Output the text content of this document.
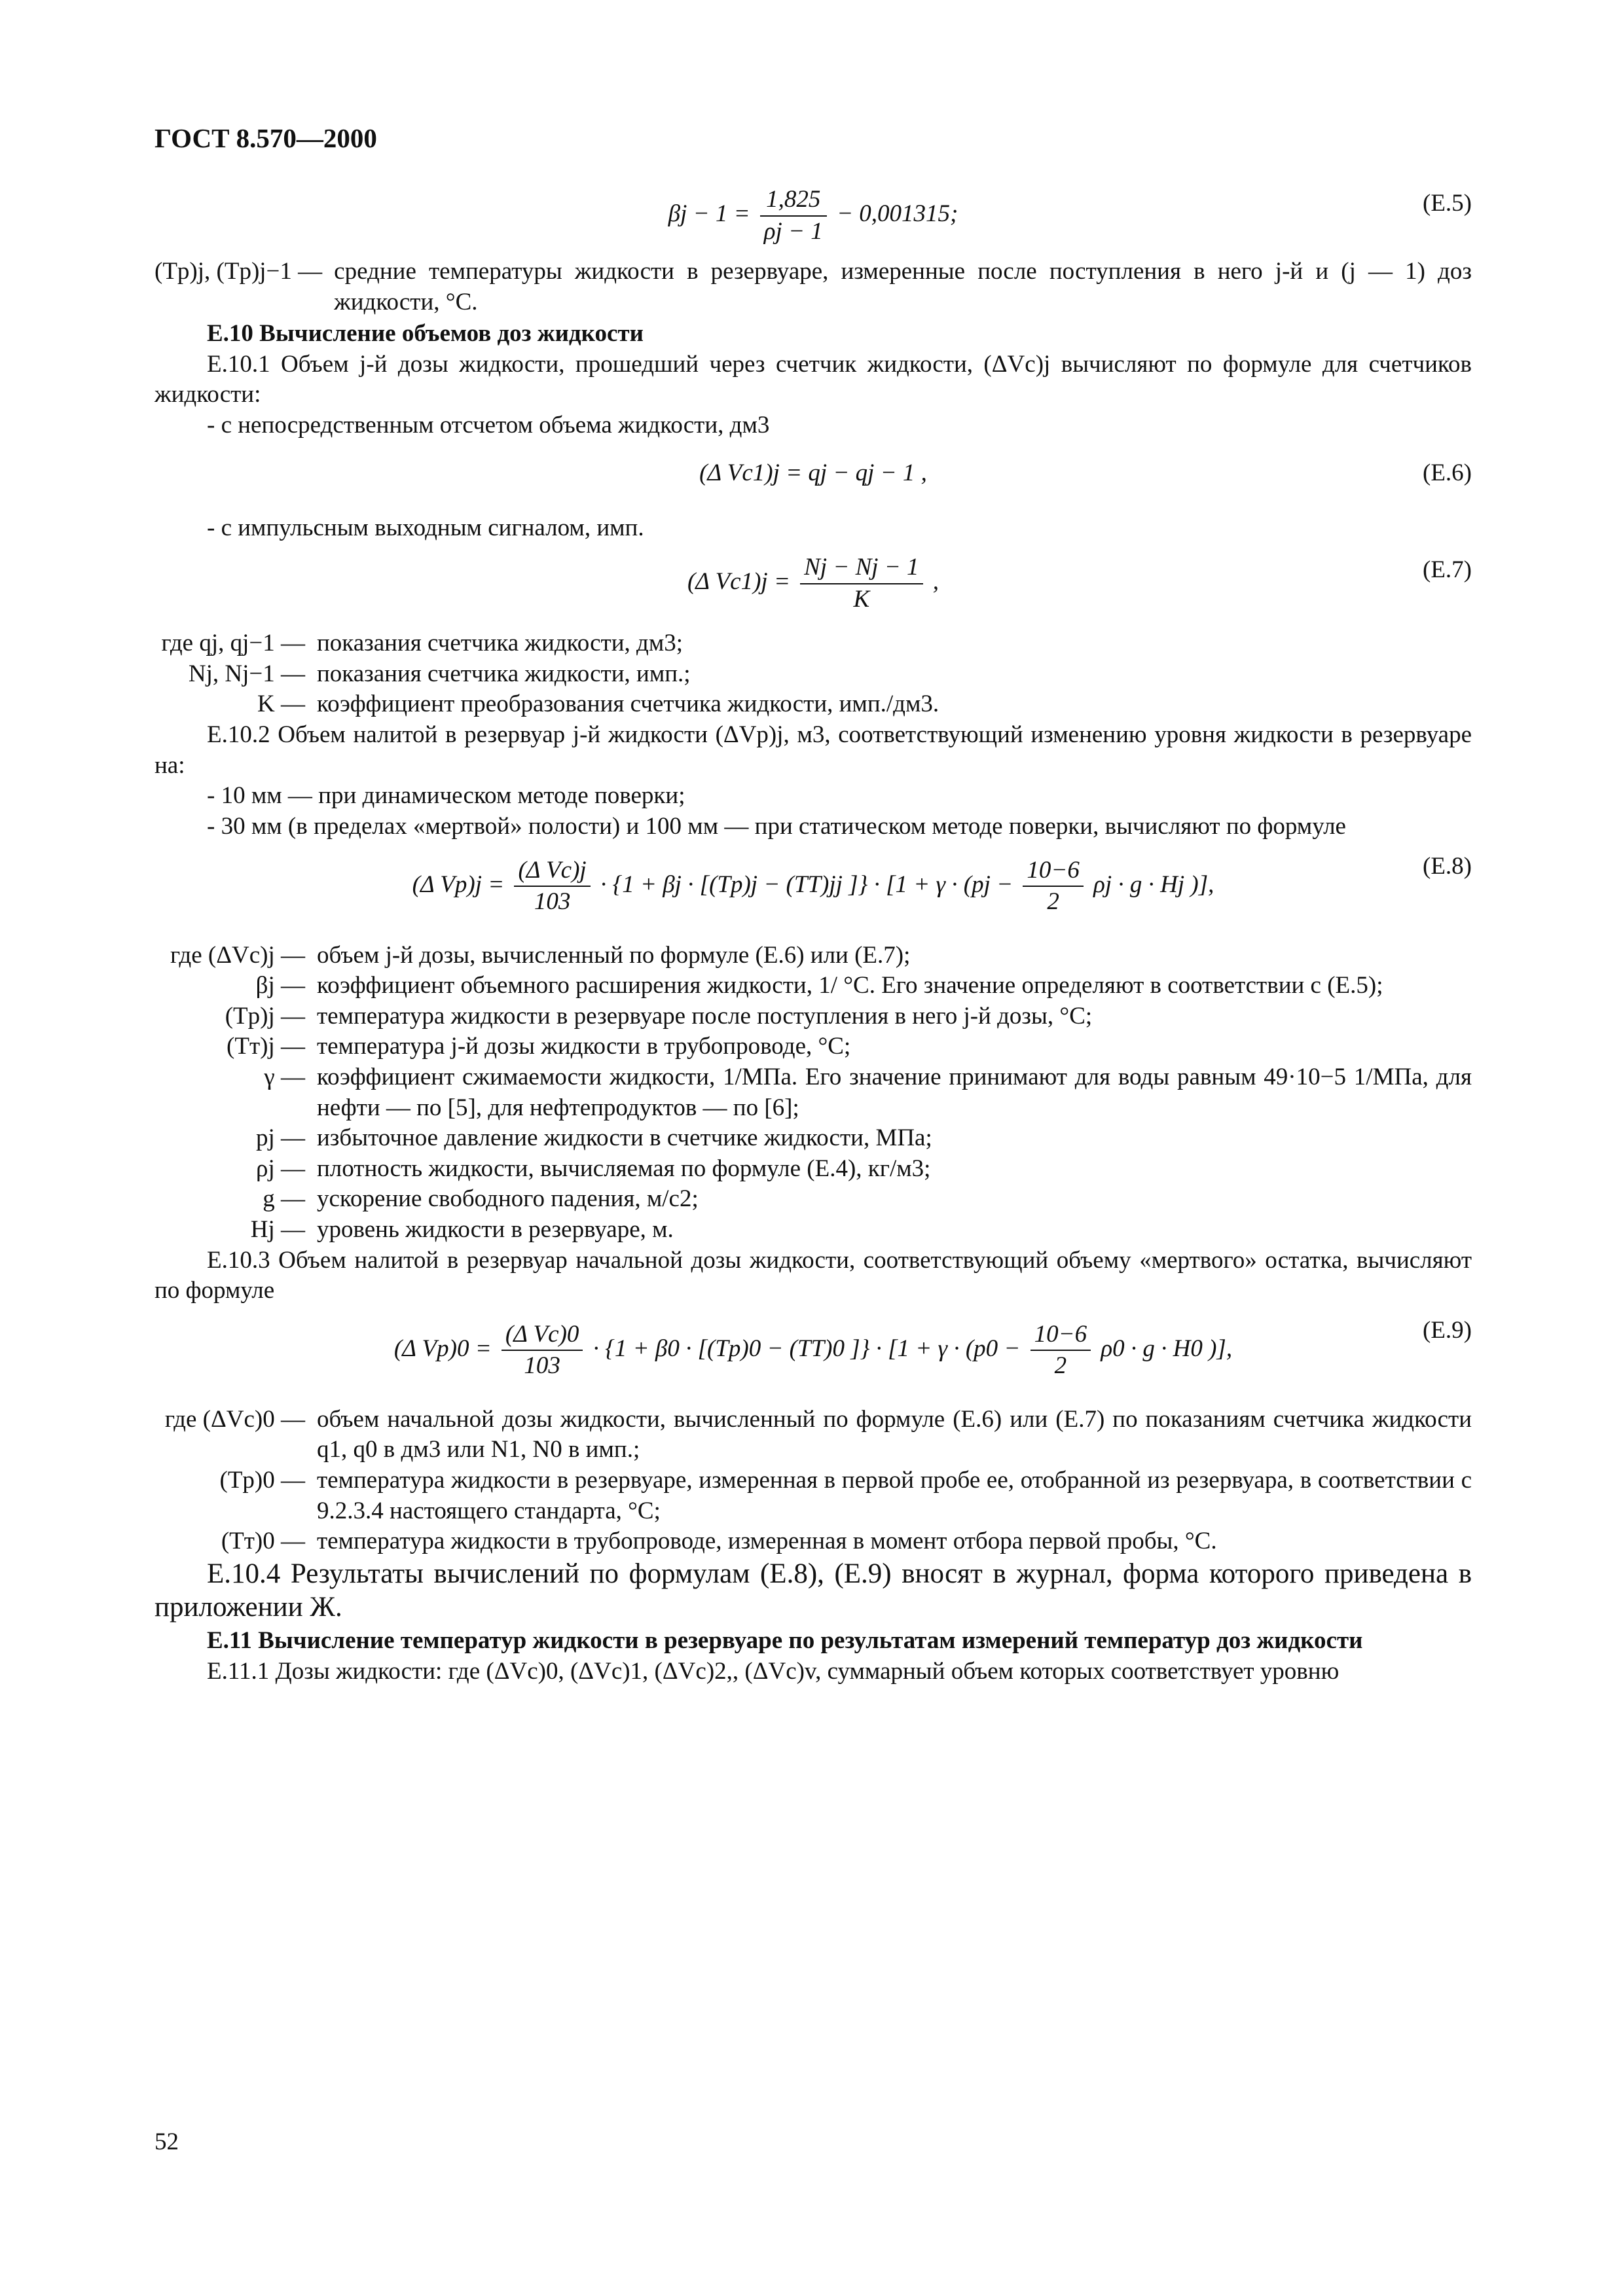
ГОСТ 8.570—2000
$\beta j - 1 = \frac{1,825}{\rho j - 1} - 0,001315$;	(E.5)
(Tр)j, (Tр)j−1 —	средние температуры жидкости в резервуаре, измеренные после поступления в него j-й и (j — 1) доз жидкости, °C.

E.10 Вычисление объемов доз жидкости

E.10.1 Объем j-й дозы жидкости, прошедший через счетчик жидкости, (ΔVс)j вычисляют по формуле для счетчиков жидкости:

- с непосредственным отсчетом объема жидкости, дм3

(Δ Vс1)j = qj − qj − 1 ,	(E.6)

- с импульсным выходным сигналом, имп.

(Δ $Vс1)j = \frac{Nj - Nj - 1}{K}$ ,	(E.7)
где qj, qj−1 —	показания счетчика жидкости, дм3;
Nj, Nj−1 —	показания счетчика жидкости, имп.;
K —	коэффициент преобразования счетчика жидкости, имп./дм3.

E.10.2 Объем налитой в резервуар j-й жидкости (ΔVр)j, м3, соответствующий изменению уровня жидкости в резервуаре на:

- 10 мм — при динамическом методе поверки;

- 30 мм (в пределах «мертвой» полости) и 100 мм — при статическом методе поверки, вычисляют по формуле

(Δ $Vр)j = \frac{\text{(Δ Vс)j}}{103} \cdot \{1 + \beta j \cdot [(Tр)j - (TТ)jj$ ]} · [$1 + \gamma \cdot (pj - \frac{10-6}{2}$ ρj · g · Hj )],
(E.8)
где (ΔVс)j —	объем j-й дозы, вычисленный по формуле (E.6) или (E.7);
βj —	коэффициент объемного расширения жидкости, 1/ °C. Его значение определяют в соответствии с (E.5);
(Tр)j —	температура жидкости в резервуаре после поступления в него j-й дозы, °C;
(Tт)j —	температура j-й дозы жидкости в трубопроводе, °C;
γ —	коэффициент сжимаемости жидкости, 1/МПа. Его значение принимают для воды равным 49·10−5 1/МПа, для нефти — по [5], для нефтепродуктов — по [6];
pj —	избыточное давление жидкости в счетчике жидкости, МПа;
ρj —	плотность жидкости, вычисляемая по формуле (E.4), кг/м3;
g —	ускорение свободного падения, м/с2;
Hj —	уровень жидкости в резервуаре, м.

E.10.3 Объем налитой в резервуар начальной дозы жидкости, соответствующий объему «мертвого» остатка, вычисляют по формуле

(Δ $Vр)0 = \frac{\text{(Δ Vс)0}}{103} \cdot \{1 + \beta 0 \cdot [(Tр)0 - (TТ)0$ ]} · [$1 + \gamma \cdot (p0 - \frac{10-6}{2} \rho 0 \cdot g \cdot H0$ )],
(E.9)
где (ΔVс)0 —	объем начальной дозы жидкости, вычисленный по формуле (E.6) или (E.7) по показаниям счетчика жидкости q1, q0 в дм3 или N1, N0 в имп.;
(Tр)0 —	температура жидкости в резервуаре, измеренная в первой пробе ее, отобранной из резервуара, в соответствии с 9.2.3.4 настоящего стандарта, °C;
(Tт)0 —	температура жидкости в трубопроводе, измеренная в момент отбора первой пробы, °C.

E.10.4 Результаты вычислений по формулам (E.8), (E.9) вносят в журнал, форма которого приведена в приложении Ж.

E.11 Вычисление температур жидкости в резервуаре по результатам измерений температур доз жидкости

E.11.1 Дозы жидкости: где (ΔVс)0, (ΔVс)1, (ΔVс)2,, (ΔVс)v, суммарный объем которых соответствует уровню

52
